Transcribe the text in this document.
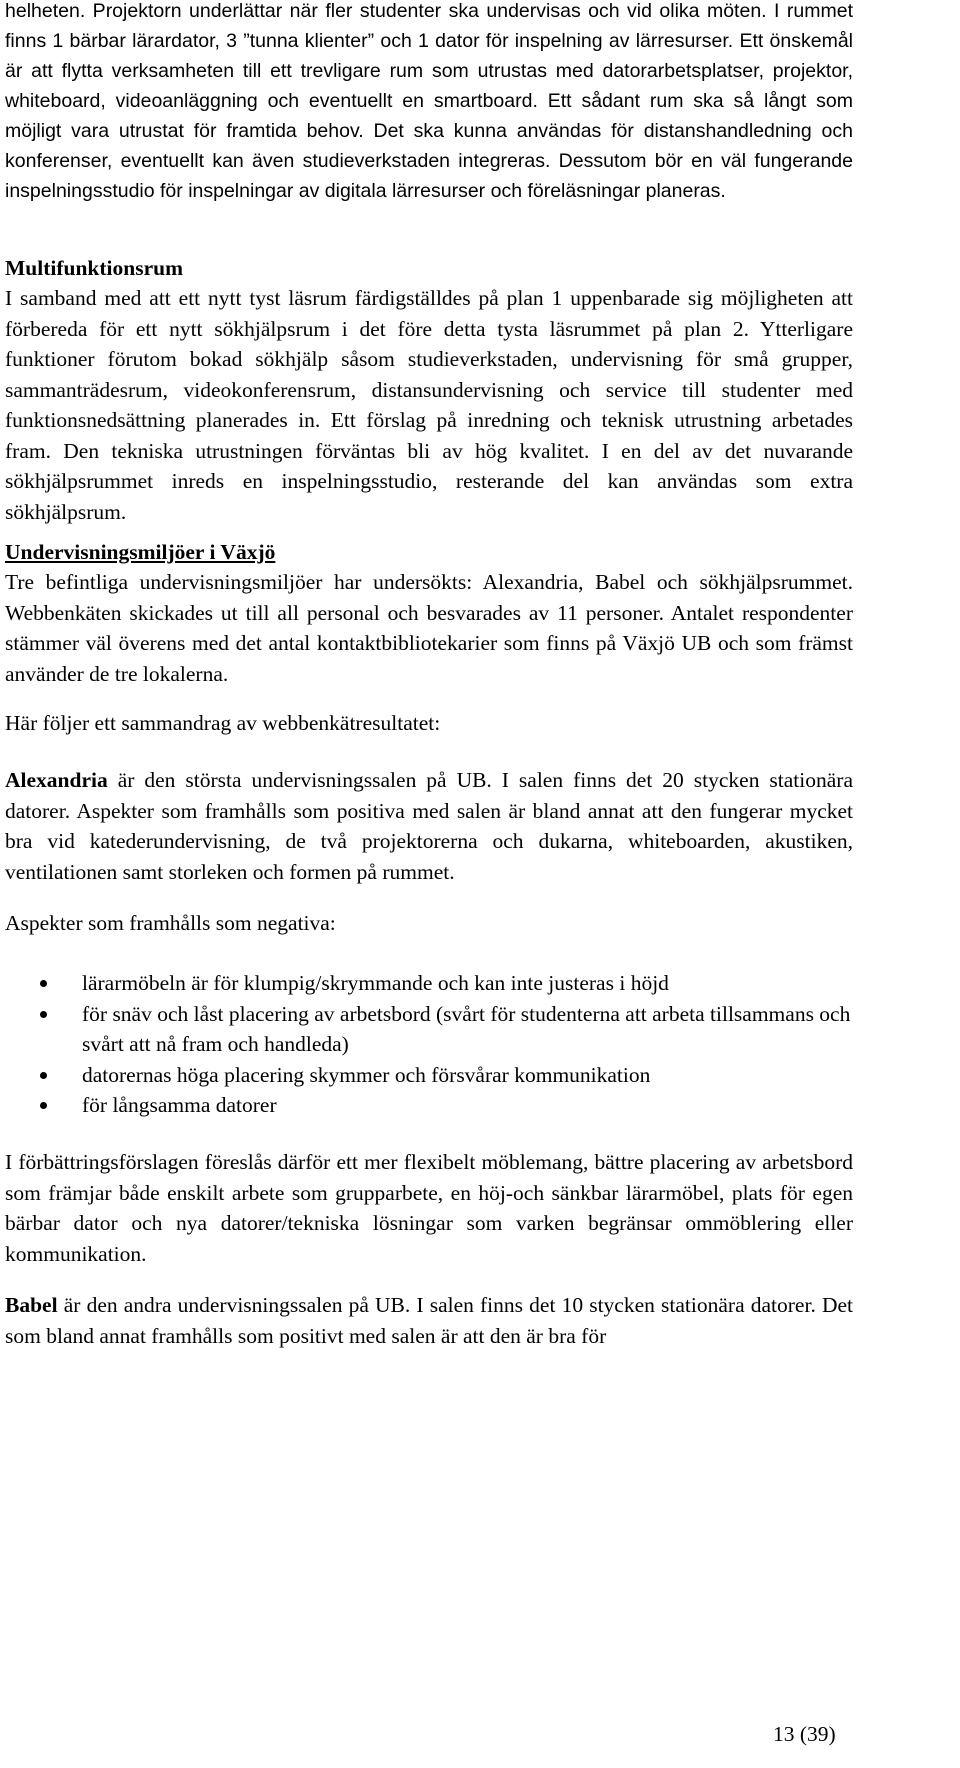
helheten. Projektorn underlättar när fler studenter ska undervisas och vid olika möten. I rummet finns 1 bärbar lärardator, 3 ”tunna klienter” och 1 dator för inspelning av lärresurser. Ett önskemål är att flytta verksamheten till ett trevligare rum som utrustas med datorarbetsplatser, projektor, whiteboard, videoanläggning och eventuellt en smartboard. Ett sådant rum ska så långt som möjligt vara utrustat för framtida behov. Det ska kunna användas för distanshandledning och konferenser, eventuellt kan även studieverkstaden integreras. Dessutom bör en väl fungerande inspelningsstudio för inspelningar av digitala lärresurser och föreläsningar planeras.

Multifunktionsrum

I samband med att ett nytt tyst läsrum färdigställdes på plan 1 uppenbarade sig möjligheten att förbereda för ett nytt sökhjälpsrum i det före detta tysta läsrummet på plan 2. Ytterligare funktioner förutom bokad sökhjälp såsom studieverkstaden, undervisning för små grupper, sammanträdesrum, videokonferensrum, distansundervisning och service till studenter med funktionsnedsättning planerades in. Ett förslag på inredning och teknisk utrustning arbetades fram. Den tekniska utrustningen förväntas bli av hög kvalitet. I en del av det nuvarande sökhjälpsrummet inreds en inspelningsstudio, resterande del kan användas som extra sökhjälpsrum.

Undervisningsmiljöer i Växjö

Tre befintliga undervisningsmiljöer har undersökts: Alexandria, Babel och sökhjälpsrummet. Webbenkäten skickades ut till all personal och besvarades av 11 personer. Antalet respondenter stämmer väl överens med det antal kontaktbibliotekarier som finns på Växjö UB och som främst använder de tre lokalerna.

Här följer ett sammandrag av webbenkätresultatet:

Alexandria är den största undervisningssalen på UB. I salen finns det 20 stycken stationära datorer. Aspekter som framhålls som positiva med salen är bland annat att den fungerar mycket bra vid katederundervisning, de två projektorerna och dukarna, whiteboarden, akustiken, ventilationen samt storleken och formen på rummet.

Aspekter som framhålls som negativa:

lärarmöbeln är för klumpig/skrymmande och kan inte justeras i höjd
för snäv och låst placering av arbetsbord (svårt för studenterna att arbeta tillsammans och svårt att nå fram och handleda)
datorernas höga placering skymmer och försvårar kommunikation
för långsamma datorer

I förbättringsförslagen föreslås därför ett mer flexibelt möblemang, bättre placering av arbetsbord som främjar både enskilt arbete som grupparbete, en höj-och sänkbar lärarmöbel, plats för egen bärbar dator och nya datorer/tekniska lösningar som varken begränsar ommöblering eller kommunikation.

Babel är den andra undervisningssalen på UB. I salen finns det 10 stycken stationära datorer. Det som bland annat framhålls som positivt med salen är att den är bra för

13 (39)
